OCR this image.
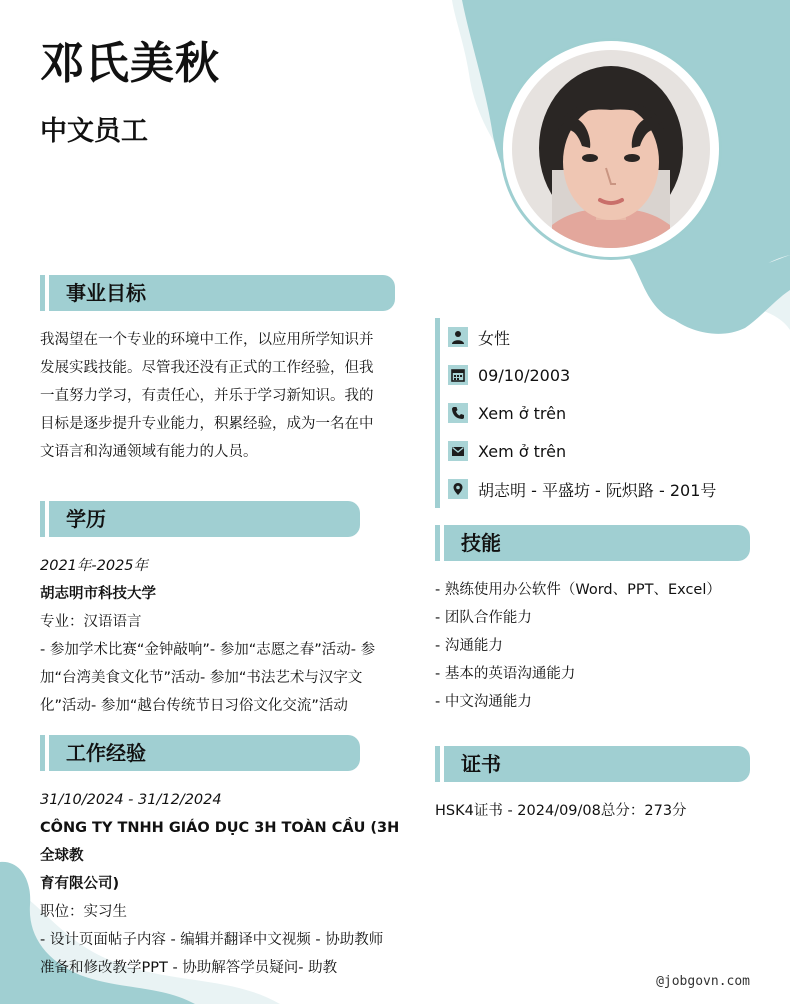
邓氏美秋
中文员工
事业目标
我渴望在一个专业的环境中工作，以应用所学知识并
发展实践技能。尽管我还没有正式的工作经验，但我
一直努力学习，有责任心，并乐于学习新知识。我的
目标是逐步提升专业能力，积累经验，成为一名在中
文语言和沟通领域有能力的人员。
学历
2021年-2025年
胡志明市科技大学
专业：汉语语言
- 参加学术比赛“金钟敲响”- 参加“志愿之春”活动- 参
加“台湾美食文化节”活动- 参加“书法艺术与汉字文
化”活动- 参加“越台传统节日习俗文化交流”活动
工作经验
31/10/2024 - 31/12/2024
CÔNG TY TNHH GIÁO DỤC 3H TOÀN CẦU (3H全球教
育有限公司)
职位：实习生
- 设计页面帖子内容 - 编辑并翻译中文视频 - 协助教师
准备和修改教学PPT - 协助解答学员疑问- 助教
女性
09/10/2003
Xem ở trên
Xem ở trên
胡志明 - 平盛坊 - 阮炽路 - 201号
技能
- 熟练使用办公软件（Word、PPT、Excel）
- 团队合作能力
- 沟通能力
- 基本的英语沟通能力
- 中文沟通能力
证书
HSK4证书 - 2024/09/08总分：273分
@jobgovn.com
